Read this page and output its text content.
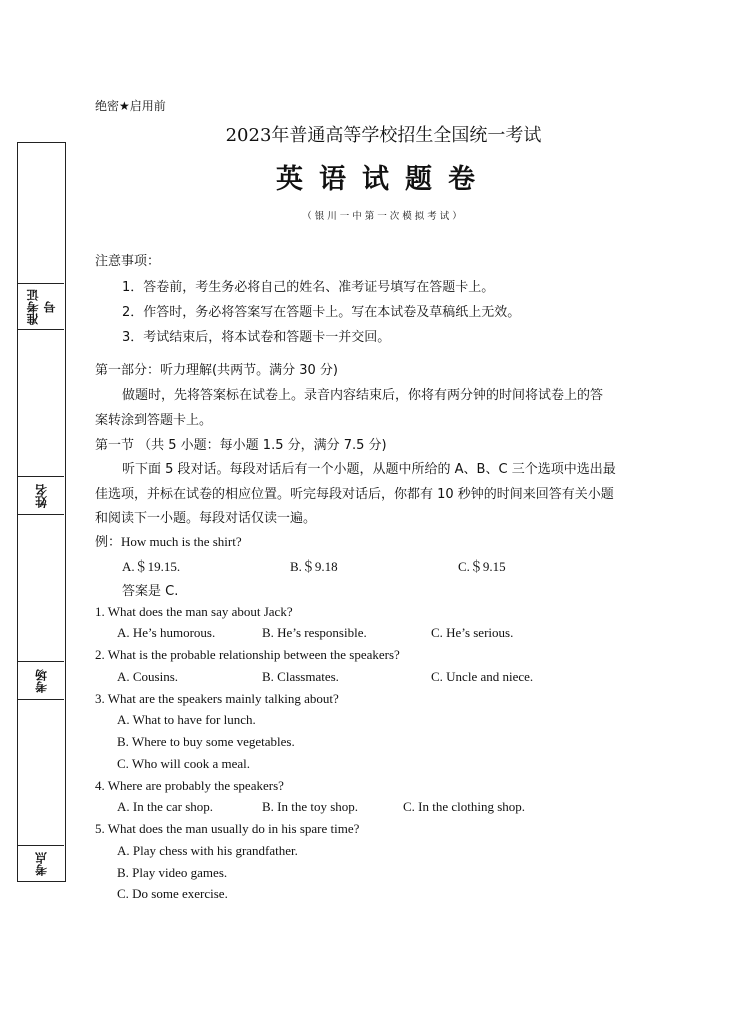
绝密★启用前
2023年普通高等学校招生全国统一考试
英语试题卷
（银川一中第一次模拟考试）
准考证号
姓名
考场
考点
注意事项：
1．答卷前，考生务必将自己的姓名、准考证号填写在答题卡上。
2．作答时，务必将答案写在答题卡上。写在本试卷及草稿纸上无效。
3．考试结束后，将本试卷和答题卡一并交回。
第一部分：听力理解(共两节。满分 30 分)
做题时，先将答案标在试卷上。录音内容结束后，你将有两分钟的时间将试卷上的答
案转涂到答题卡上。
第一节 （共 5 小题：每小题 1.5 分，满分 7.5 分)
听下面 5 段对话。每段对话后有一个小题，从题中所给的 A、B、C 三个选项中选出最
佳选项，并标在试卷的相应位置。听完每段对话后，你都有 10 秒钟的时间来回答有关小题
和阅读下一小题。每段对话仅读一遍。
例：How much is the shirt?
A.＄19.15.	B.＄9.18	C.＄9.15
答案是 C.
1. What does the man say about Jack?
A. He’s humorous.	B. He’s responsible.	C. He’s serious.
2. What is the probable relationship between the speakers?
A. Cousins.	B. Classmates.	C. Uncle and niece.
3. What are the speakers mainly talking about?
A. What to have for lunch.
B. Where to buy some vegetables.
C. Who will cook a meal.
4. Where are probably the speakers?
A. In the car shop.	B. In the toy shop.	C. In the clothing shop.
5. What does the man usually do in his spare time?
A. Play chess with his grandfather.
B. Play video games.
C. Do some exercise.
